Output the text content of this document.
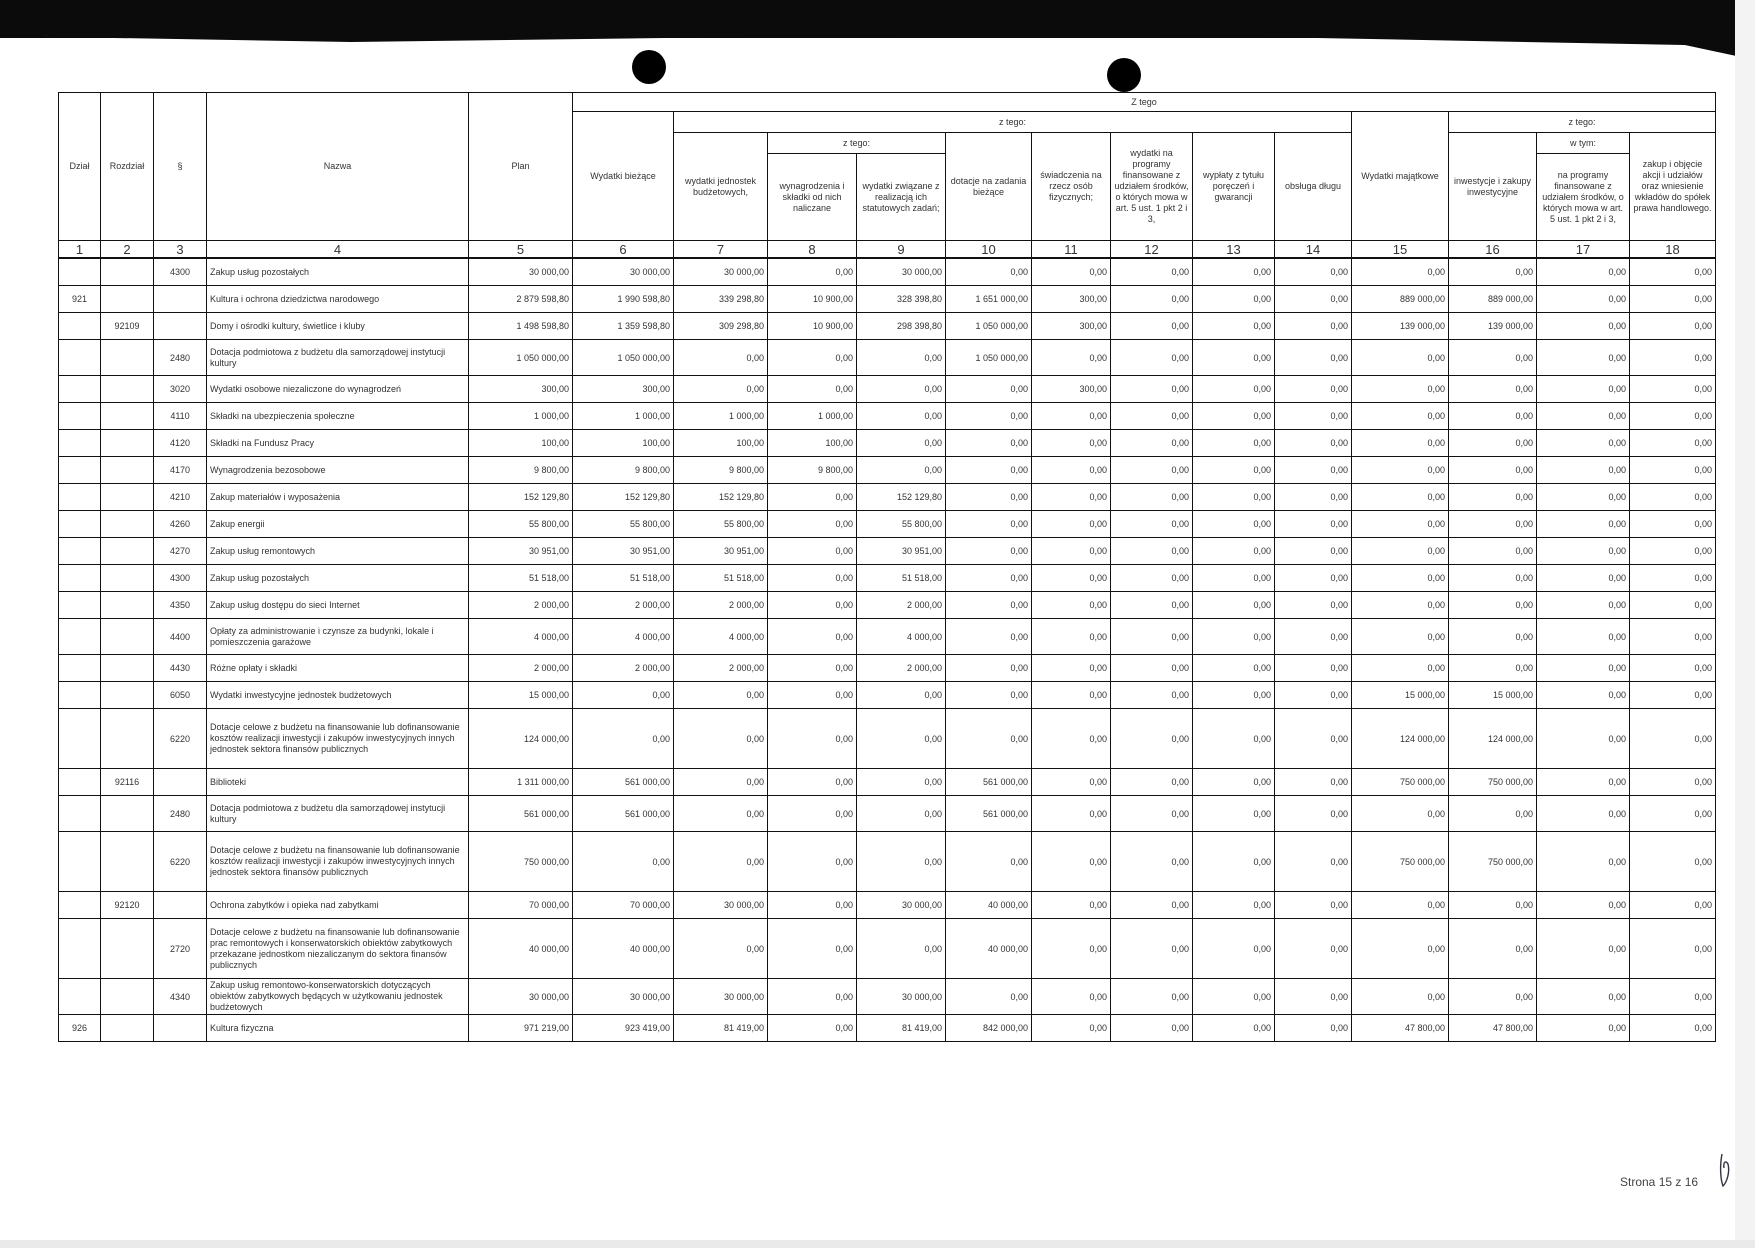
Dział	Rozdział	§	Nazwa	Plan	Z tego												
					Wydatki bieżące	z tego:								Wydatki majątkowe	z tego:		
						wydatki jednostek budżetowych,	z tego:		dotacje na zadania bieżące	świadczenia na rzecz osób fizycznych;	wydatki na programy finansowane z udziałem środków, o których mowa w art. 5 ust. 1 pkt 2 i 3,	wypłaty z tytułu poręczeń i gwarancji	obsługa długu		inwestycje i zakupy inwestycyjne	w tym:	zakup i objęcie akcji i udziałów oraz wniesienie wkładów do spółek prawa handlowego.
							wynagrodzenia i składki od nich naliczane	wydatki związane z realizacją ich statutowych zadań;								na programy finansowane z udziałem środków, o których mowa w art. 5 ust. 1 pkt 2 i 3,	

1	2	3	4	5	6	7	8	9	10	11	12	13	14	15	16	17	18
		4300	Zakup usług pozostałych	30 000,00	30 000,00	30 000,00	0,00	30 000,00	0,00	0,00	0,00	0,00	0,00	0,00	0,00	0,00	0,00
921			Kultura i ochrona dziedzictwa narodowego	2 879 598,80	1 990 598,80	339 298,80	10 900,00	328 398,80	1 651 000,00	300,00	0,00	0,00	0,00	889 000,00	889 000,00	0,00	0,00
	92109		Domy i ośrodki kultury, świetlice i kluby	1 498 598,80	1 359 598,80	309 298,80	10 900,00	298 398,80	1 050 000,00	300,00	0,00	0,00	0,00	139 000,00	139 000,00	0,00	0,00
		2480	Dotacja podmiotowa z budżetu dla samorządowej instytucji kultury	1 050 000,00	1 050 000,00	0,00	0,00	0,00	1 050 000,00	0,00	0,00	0,00	0,00	0,00	0,00	0,00	0,00
		3020	Wydatki osobowe niezaliczone do wynagrodzeń	300,00	300,00	0,00	0,00	0,00	0,00	300,00	0,00	0,00	0,00	0,00	0,00	0,00	0,00
		4110	Składki na ubezpieczenia społeczne	1 000,00	1 000,00	1 000,00	1 000,00	0,00	0,00	0,00	0,00	0,00	0,00	0,00	0,00	0,00	0,00
		4120	Składki na Fundusz Pracy	100,00	100,00	100,00	100,00	0,00	0,00	0,00	0,00	0,00	0,00	0,00	0,00	0,00	0,00
		4170	Wynagrodzenia bezosobowe	9 800,00	9 800,00	9 800,00	9 800,00	0,00	0,00	0,00	0,00	0,00	0,00	0,00	0,00	0,00	0,00
		4210	Zakup materiałów i wyposażenia	152 129,80	152 129,80	152 129,80	0,00	152 129,80	0,00	0,00	0,00	0,00	0,00	0,00	0,00	0,00	0,00
		4260	Zakup energii	55 800,00	55 800,00	55 800,00	0,00	55 800,00	0,00	0,00	0,00	0,00	0,00	0,00	0,00	0,00	0,00
		4270	Zakup usług remontowych	30 951,00	30 951,00	30 951,00	0,00	30 951,00	0,00	0,00	0,00	0,00	0,00	0,00	0,00	0,00	0,00
		4300	Zakup usług pozostałych	51 518,00	51 518,00	51 518,00	0,00	51 518,00	0,00	0,00	0,00	0,00	0,00	0,00	0,00	0,00	0,00
		4350	Zakup usług dostępu do sieci Internet	2 000,00	2 000,00	2 000,00	0,00	2 000,00	0,00	0,00	0,00	0,00	0,00	0,00	0,00	0,00	0,00
		4400	Opłaty za administrowanie i czynsze za budynki, lokale i pomieszczenia garażowe	4 000,00	4 000,00	4 000,00	0,00	4 000,00	0,00	0,00	0,00	0,00	0,00	0,00	0,00	0,00	0,00
		4430	Różne opłaty i składki	2 000,00	2 000,00	2 000,00	0,00	2 000,00	0,00	0,00	0,00	0,00	0,00	0,00	0,00	0,00	0,00
		6050	Wydatki inwestycyjne jednostek budżetowych	15 000,00	0,00	0,00	0,00	0,00	0,00	0,00	0,00	0,00	0,00	15 000,00	15 000,00	0,00	0,00
		6220	Dotacje celowe z budżetu na finansowanie lub dofinansowanie kosztów realizacji inwestycji i zakupów inwestycyjnych innych jednostek sektora finansów publicznych	124 000,00	0,00	0,00	0,00	0,00	0,00	0,00	0,00	0,00	0,00	124 000,00	124 000,00	0,00	0,00
	92116		Biblioteki	1 311 000,00	561 000,00	0,00	0,00	0,00	561 000,00	0,00	0,00	0,00	0,00	750 000,00	750 000,00	0,00	0,00
		2480	Dotacja podmiotowa z budżetu dla samorządowej instytucji kultury	561 000,00	561 000,00	0,00	0,00	0,00	561 000,00	0,00	0,00	0,00	0,00	0,00	0,00	0,00	0,00
		6220	Dotacje celowe z budżetu na finansowanie lub dofinansowanie kosztów realizacji inwestycji i zakupów inwestycyjnych innych jednostek sektora finansów publicznych	750 000,00	0,00	0,00	0,00	0,00	0,00	0,00	0,00	0,00	0,00	750 000,00	750 000,00	0,00	0,00
	92120		Ochrona zabytków i opieka nad zabytkami	70 000,00	70 000,00	30 000,00	0,00	30 000,00	40 000,00	0,00	0,00	0,00	0,00	0,00	0,00	0,00	0,00
		2720	Dotacje celowe z budżetu na finansowanie lub dofinansowanie prac remontowych i konserwatorskich obiektów zabytkowych przekazane jednostkom niezaliczanym do sektora finansów publicznych	40 000,00	40 000,00	0,00	0,00	0,00	40 000,00	0,00	0,00	0,00	0,00	0,00	0,00	0,00	0,00
		4340	Zakup usług remontowo-konserwatorskich dotyczących obiektów zabytkowych będących w użytkowaniu jednostek budżetowych	30 000,00	30 000,00	30 000,00	0,00	30 000,00	0,00	0,00	0,00	0,00	0,00	0,00	0,00	0,00	0,00
926			Kultura fizyczna	971 219,00	923 419,00	81 419,00	0,00	81 419,00	842 000,00	0,00	0,00	0,00	0,00	47 800,00	47 800,00	0,00	0,00
Strona 15 z 16
